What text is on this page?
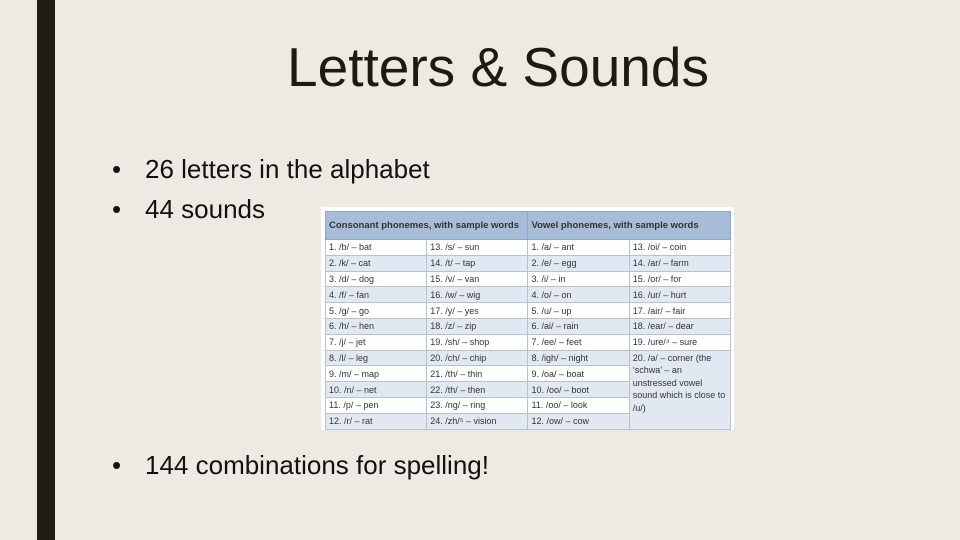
Letters & Sounds
• 26 letters in the alphabet
• 44 sounds
• 144 combinations for spelling!
Consonant phonemes, with sample words		Vowel phonemes, with sample words	
1. /b/ – bat	13. /s/ – sun	1. /a/ – ant	13. /oi/ – coin
2. /k/ – cat	14. /t/ – tap	2. /e/ – egg	14. /ar/ – farm
3. /d/ – dog	15. /v/ – van	3. /i/ – in	15. /or/ – for
4. /f/ – fan	16. /w/ – wig	4. /o/ – on	16. /ur/ – hurt
5. /g/ – go	17. /y/ – yes	5. /u/ – up	17. /air/ – fair
6. /h/ – hen	18. /z/ – zip	6. /ai/ – rain	18. /ear/ – dear
7. /j/ – jet	19. /sh/ – shop	7. /ee/ – feet	19. /ure/⁴ – sure
8. /l/ – leg	20. /ch/ – chip	8. /igh/ – night	20. /ə/ – corner (the ‘schwa’ – an unstressed vowel sound which is close to /u/)
9. /m/ – map	21. /th/ – thin	9. /oa/ – boat	
10. /n/ – net	22. /th/ – then	10. /oo/ – boot	
11. /p/ – pen	23. /ng/ – ring	11. /oo/ – look	
12. /r/ – rat	24. /zh/⁵ – vision	12. /ow/ – cow	
